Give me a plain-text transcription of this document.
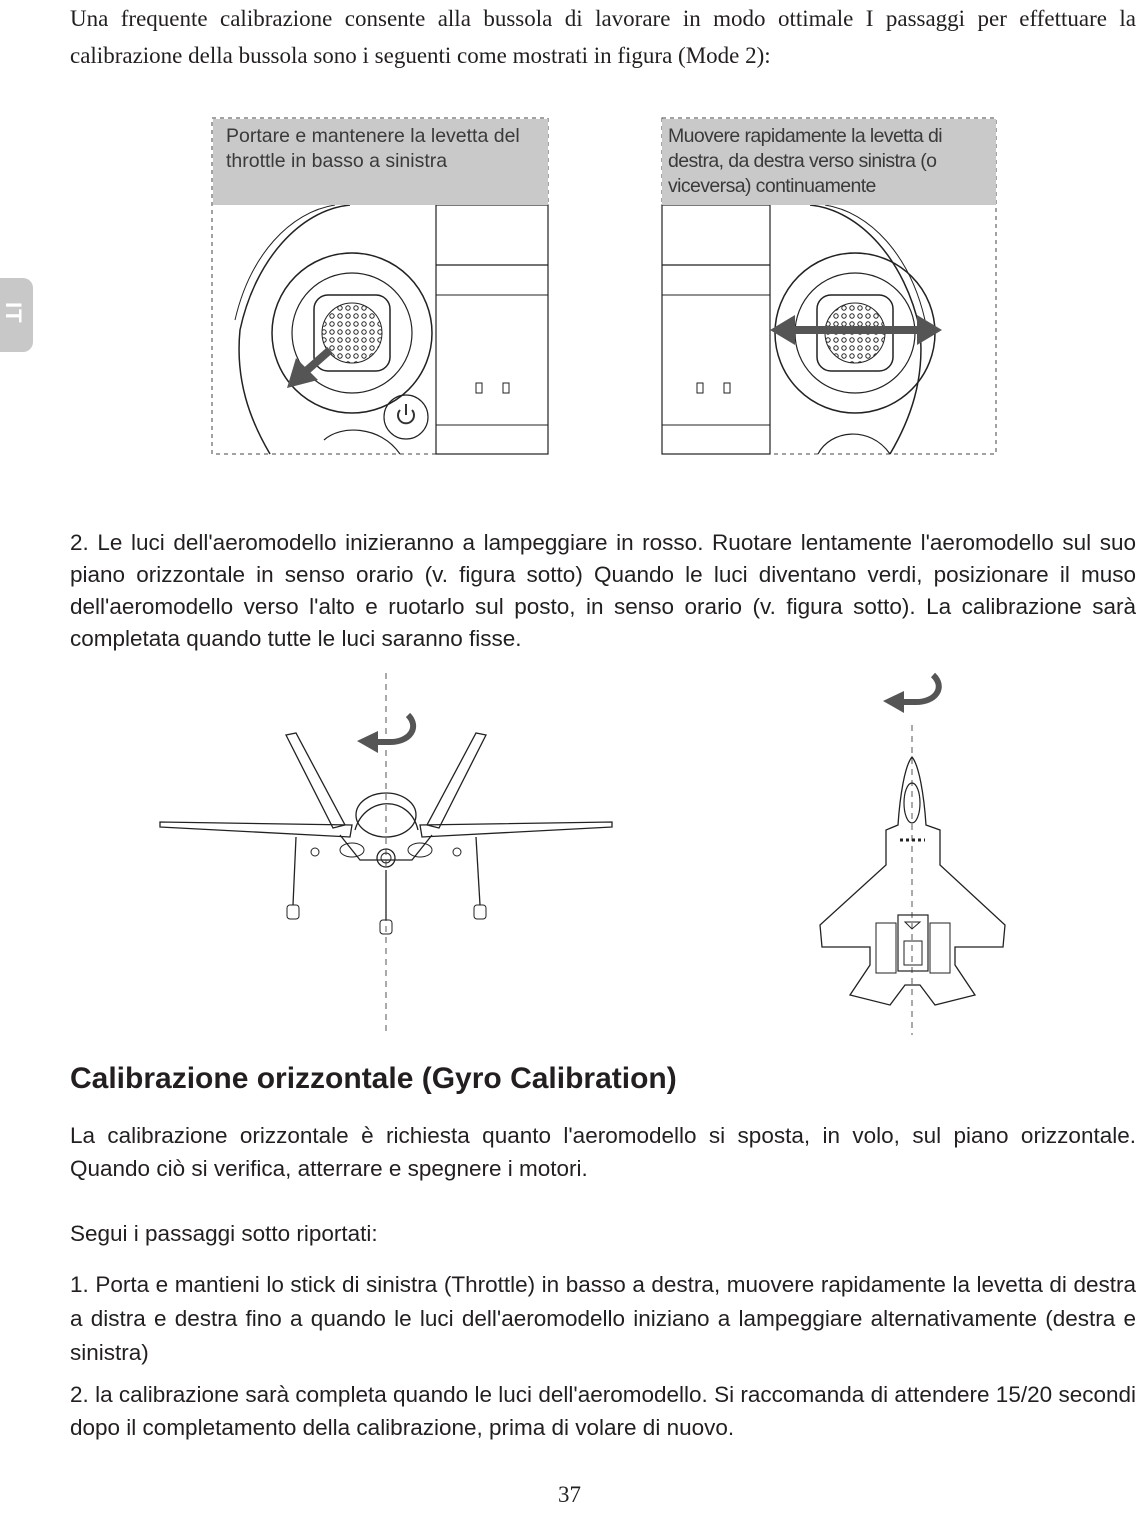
IT

Una frequente calibrazione consente alla bussola di lavorare in modo ottimale I passaggi per effettuare la calibrazione della bussola sono i seguenti come mostrati in figura (Mode 2):

Portare e mantenere la levetta del throttle in basso a sinistra
Muovere rapidamente la levetta di destra, da destra verso sinistra (o viceversa) continuamente

2. Le luci dell'aeromodello inizieranno a lampeggiare in rosso. Ruotare lentamente l'aeromodello sul suo piano orizzontale in senso orario (v. figura sotto) Quando le luci diventano verdi, posizionare il muso dell'aeromodello verso l'alto e ruotarlo sul posto, in senso orario (v. figura sotto). La calibrazione sarà completata quando tutte le luci saranno fisse.

Calibrazione orizzontale (Gyro Calibration)

La calibrazione orizzontale è richiesta quanto l'aeromodello si sposta, in volo, sul piano orizzontale. Quando ciò si verifica, atterrare e spegnere i motori.

Segui i passaggi sotto riportati:

1. Porta e mantieni lo stick di sinistra (Throttle) in basso a destra, muovere rapidamente la levetta di destra a distra e destra fino a quando le luci dell'aeromodello iniziano a lampeggiare alternativamente (destra e sinistra)

2. la calibrazione sarà completa quando le luci dell'aeromodello. Si raccomanda di attendere 15/20 secondi dopo il completamento della calibrazione, prima di volare di nuovo.

37
